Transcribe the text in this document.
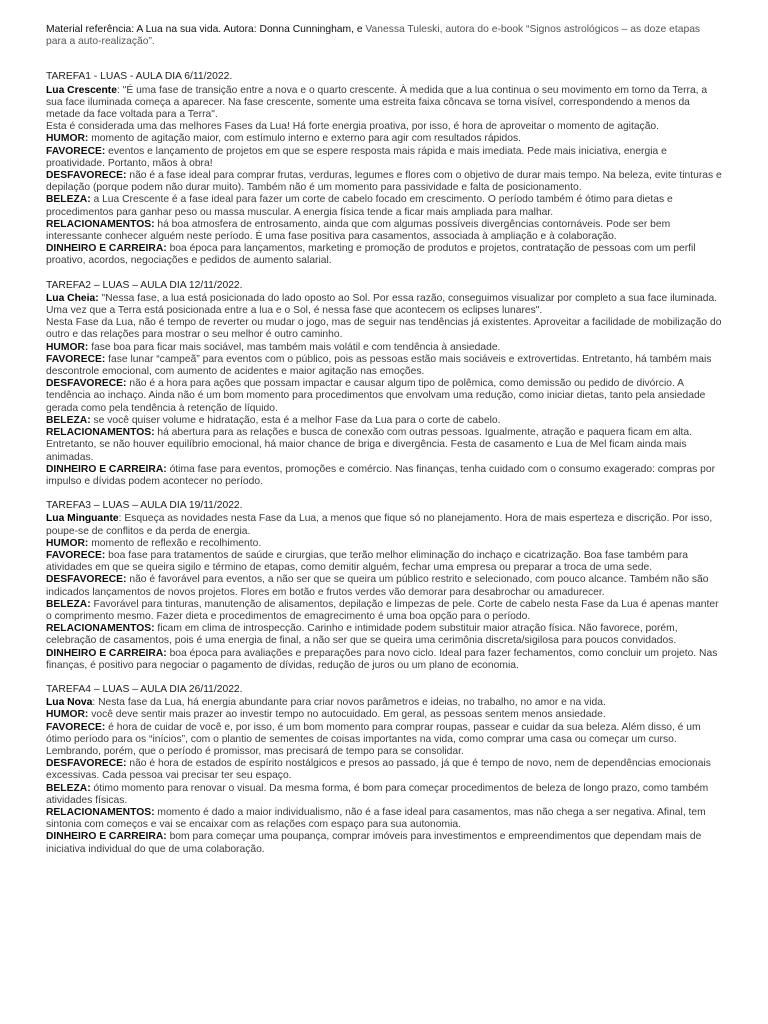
Material referência: A Lua na sua vida. Autora: Donna Cunningham, e Vanessa Tuleski, autora do e-book “Signos astrológicos – as doze etapas para a auto-realização”.

TAREFA1 - LUAS - AULA DIA 6/11/2022.

Lua Crescente: "É uma fase de transição entre a nova e o quarto crescente. À medida que a lua continua o seu movimento em torno da Terra, a sua face iluminada começa a aparecer. Na fase crescente, somente uma estreita faixa côncava se torna visível, correspondendo a menos da metade da face voltada para a Terra".

Esta é considerada uma das melhores Fases da Lua! Há forte energia proativa, por isso, é hora de aproveitar o momento de agitação.

HUMOR: momento de agitação maior, com estímulo interno e externo para agir com resultados rápidos.

FAVORECE: eventos e lançamento de projetos em que se espere resposta mais rápida e mais imediata. Pede mais iniciativa, energia e proatividade. Portanto, mãos à obra!

DESFAVORECE: não é a fase ideal para comprar frutas, verduras, legumes e flores com o objetivo de durar mais tempo. Na beleza, evite tinturas e depilação (porque podem não durar muito). Também não é um momento para passividade e falta de posicionamento.

BELEZA: a Lua Crescente é a fase ideal para fazer um corte de cabelo focado em crescimento. O período também é ótimo para dietas e procedimentos para ganhar peso ou massa muscular. A energia física tende a ficar mais ampliada para malhar.

RELACIONAMENTOS: há boa atmosfera de entrosamento, ainda que com algumas possíveis divergências contornáveis. Pode ser bem interessante conhecer alguém neste período. É uma fase positiva para casamentos, associada à ampliação e à colaboração.

DINHEIRO E CARREIRA: boa época para lançamentos, marketing e promoção de produtos e projetos, contratação de pessoas com um perfil proativo, acordos, negociações e pedidos de aumento salarial.

TAREFA2 – LUAS – AULA DIA 12/11/2022.

Lua Cheia: "Nessa fase, a lua está posicionada do lado oposto ao Sol. Por essa razão, conseguimos visualizar por completo a sua face iluminada. Uma vez que a Terra está posicionada entre a lua e o Sol, é nessa fase que acontecem os eclipses lunares".

Nesta Fase da Lua, não é tempo de reverter ou mudar o jogo, mas de seguir nas tendências já existentes. Aproveitar a facilidade de mobilização do outro e das relações para mostrar o seu melhor é outro caminho.

HUMOR: fase boa para ficar mais sociável, mas também mais volátil e com tendência à ansiedade.

FAVORECE: fase lunar “campeã” para eventos com o público, pois as pessoas estão mais sociáveis e extrovertidas. Entretanto, há também mais descontrole emocional, com aumento de acidentes e maior agitação nas emoções.

DESFAVORECE: não é a hora para ações que possam impactar e causar algum tipo de polêmica, como demissão ou pedido de divórcio. A tendência ao inchaço. Ainda não é um bom momento para procedimentos que envolvam uma redução, como iniciar dietas, tanto pela ansiedade gerada como pela tendência à retenção de líquido.

BELEZA: se você quiser volume e hidratação, esta é a melhor Fase da Lua para o corte de cabelo.

RELACIONAMENTOS: há abertura para as relações e busca de conexão com outras pessoas. Igualmente, atração e paquera ficam em alta. Entretanto, se não houver equilíbrio emocional, há maior chance de briga e divergência. Festa de casamento e Lua de Mel ficam ainda mais animadas.

DINHEIRO E CARREIRA: ótima fase para eventos, promoções e comércio. Nas finanças, tenha cuidado com o consumo exagerado: compras por impulso e dívidas podem acontecer no período.

TAREFA3 – LUAS – AULA DIA 19/11/2022.

Lua Minguante: Esqueça as novidades nesta Fase da Lua, a menos que fique só no planejamento. Hora de mais esperteza e discrição. Por isso, poupe-se de conflitos e da perda de energia.

HUMOR: momento de reflexão e recolhimento.

FAVORECE: boa fase para tratamentos de saúde e cirurgias, que terão melhor eliminação do inchaço e cicatrização. Boa fase também para atividades em que se queira sigilo e término de etapas, como demitir alguém, fechar uma empresa ou preparar a troca de uma sede.

DESFAVORECE: não é favorável para eventos, a não ser que se queira um público restrito e selecionado, com pouco alcance. Também não são indicados lançamentos de novos projetos. Flores em botão e frutos verdes vão demorar para desabrochar ou amadurecer.

BELEZA: Favorável para tinturas, manutenção de alisamentos, depilação e limpezas de pele. Corte de cabelo nesta Fase da Lua é apenas manter o comprimento mesmo. Fazer dieta e procedimentos de emagrecimento é uma boa opção para o período.

RELACIONAMENTOS: ficam em clima de introspecção. Carinho e intimidade podem substituir maior atração física. Não favorece, porém, celebração de casamentos, pois é uma energia de final, a não ser que se queira uma cerimônia discreta/sigilosa para poucos convidados.

DINHEIRO E CARREIRA: boa época para avaliações e preparações para novo ciclo. Ideal para fazer fechamentos, como concluir um projeto. Nas finanças, é positivo para negociar o pagamento de dívidas, redução de juros ou um plano de economia.

TAREFA4 – LUAS – AULA DIA 26/11/2022.

Lua Nova: Nesta fase da Lua, há energia abundante para criar novos parâmetros e ideias, no trabalho, no amor e na vida.

HUMOR: você deve sentir mais prazer ao investir tempo no autocuidado. Em geral, as pessoas sentem menos ansiedade.

FAVORECE: é hora de cuidar de você e, por isso, é um bom momento para comprar roupas, passear e cuidar da sua beleza. Além disso, é um ótimo período para os “inícios”, com o plantio de sementes de coisas importantes na vida, como comprar uma casa ou começar um curso. Lembrando, porém, que o período é promissor, mas precisará de tempo para se consolidar.

DESFAVORECE: não é hora de estados de espírito nostálgicos e presos ao passado, já que é tempo de novo, nem de dependências emocionais excessivas. Cada pessoa vai precisar ter seu espaço.

BELEZA: ótimo momento para renovar o visual. Da mesma forma, é bom para começar procedimentos de beleza de longo prazo, como também atividades físicas.

RELACIONAMENTOS: momento é dado a maior individualismo, não é a fase ideal para casamentos, mas não chega a ser negativa. Afinal, tem sintonia com começos e vai se encaixar com as relações com espaço para sua autonomia.

DINHEIRO E CARREIRA: bom para começar uma poupança, comprar imóveis para investimentos e empreendimentos que dependam mais de iniciativa individual do que de uma colaboração.
